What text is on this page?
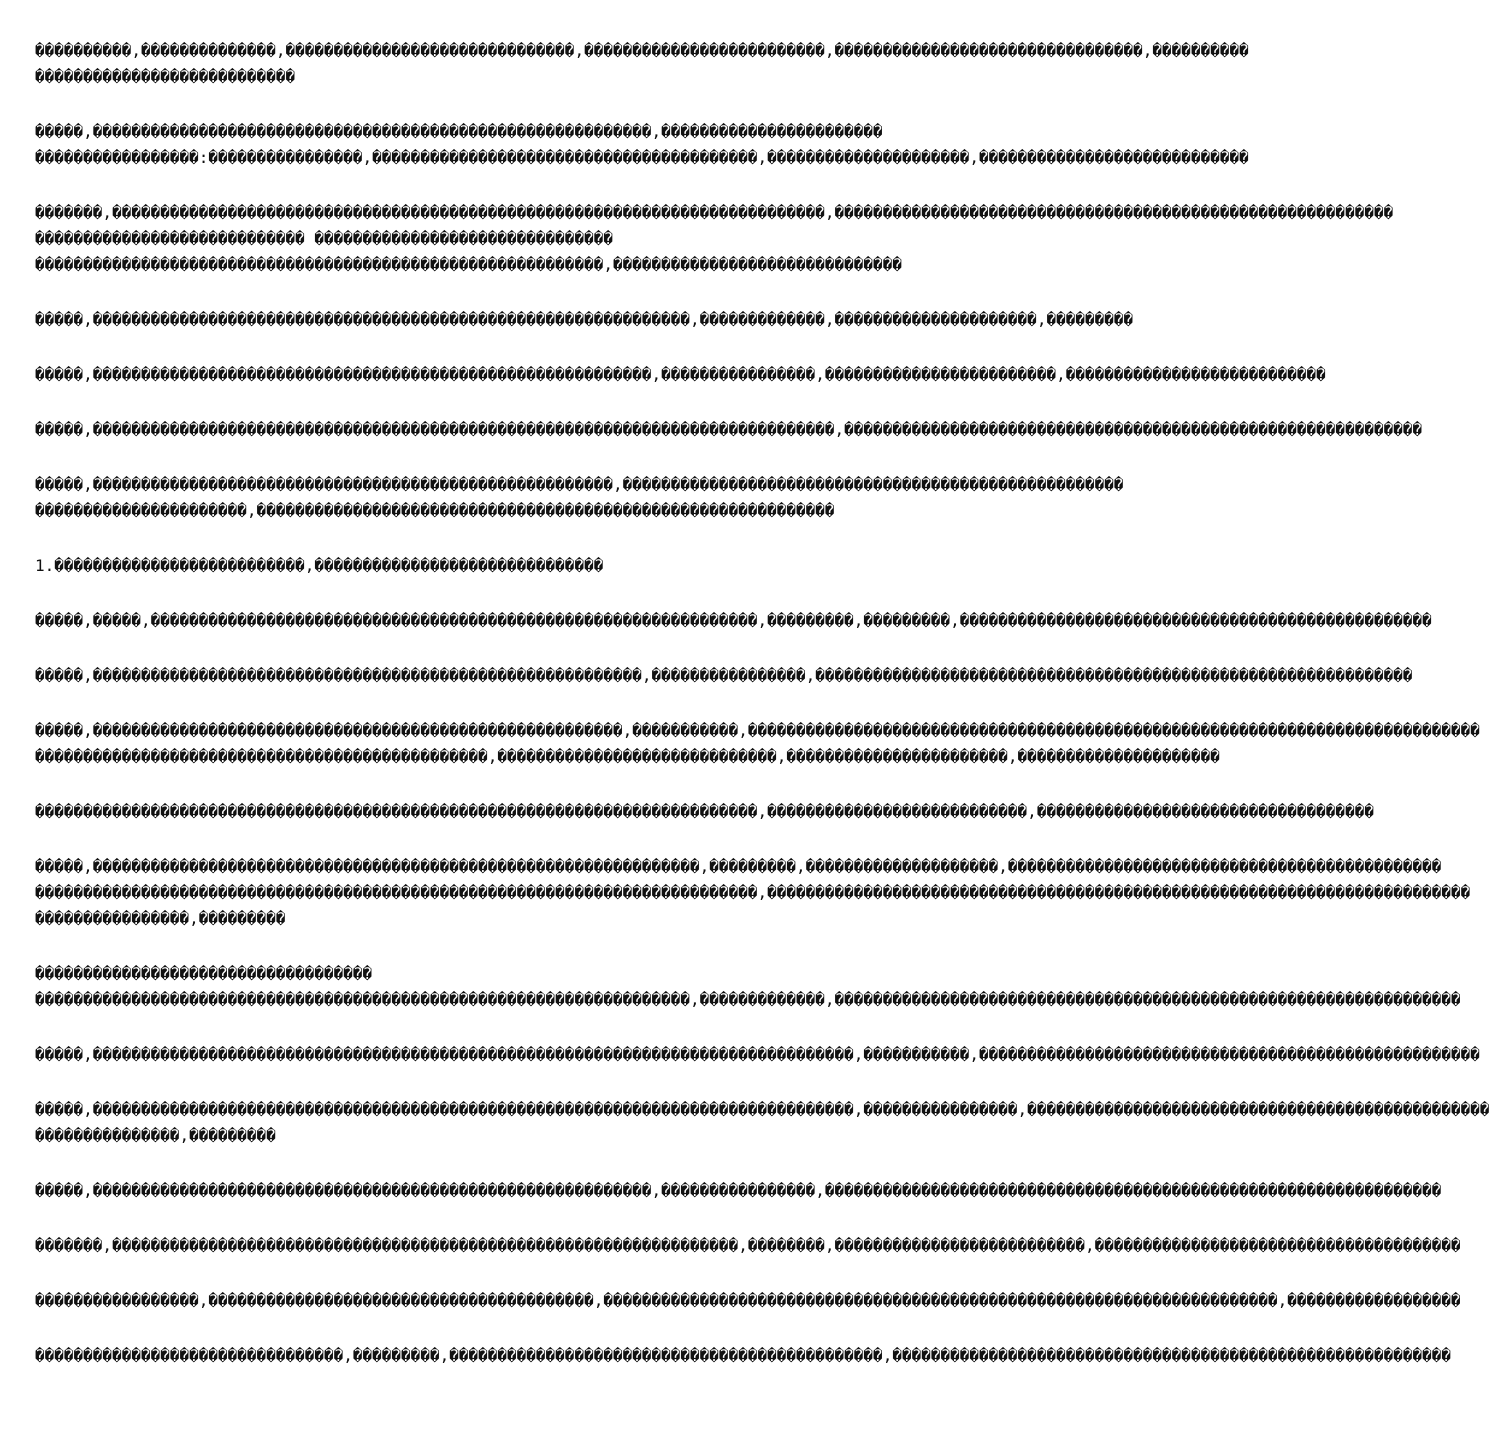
����������,��������������,������������������������������,�������������������������,��������������������������������,����������
���������������������������
�����,����������������������������������������������������������,�����������������������
�����������������:����������������,����������������������������������������,���������������������,����������������������������
�������,��������������������������������������������������������������������������,����������������������������������������������������������
���������������������������� �������������������������������
�����������������������������������������������������������,������������������������������
�����,��������������������������������������������������������������,�������������,���������������������,���������
�����,����������������������������������������������������������,����������������,������������������������,���������������������������
�����,�����������������������������������������������������������������������������,������������������������������������������������������������
�����,������������������������������������������������������,����������������������������������������������������
����������������������,������������������������������������������������������������
1.��������������������������,������������������������������
�����,�����,���������������������������������������������������������������,���������,���������,�������������������������������������������������
�����,���������������������������������������������������������,����������������,��������������������������������������������������������������
�����,�������������������������������������������������������,�����������,����������������������������������������������������������������������������
�����������������������������������������������,�����������������������������,�����������������������,���������������������
���������������������������������������������������������������������������,���������������������������,�����������������������������������
�����,���������������������������������������������������������������,���������,��������������������,���������������������������������������������
���������������������������������������������������������������������������,�������������������������������������������������������������������������
����������������,���������
�����������������������������������
��������������������������������������������������������������������,�������������,�����������������������������������������������������������������
�����,�������������������������������������������������������������������������������,�����������,����������������������������������������������������
�����,�������������������������������������������������������������������������������,����������������,������������������������������������������������
���������������,���������
�����,����������������������������������������������������������,����������������,����������������������������������������������������������������
�������,�����������������������������������������������������������������,��������,��������������������������,��������������������������������������
�����������������,����������������������������������������,����������������������������������������������������������������������,������������������
��������������������������������,���������,���������������������������������������������,����������������������������������������������������������
